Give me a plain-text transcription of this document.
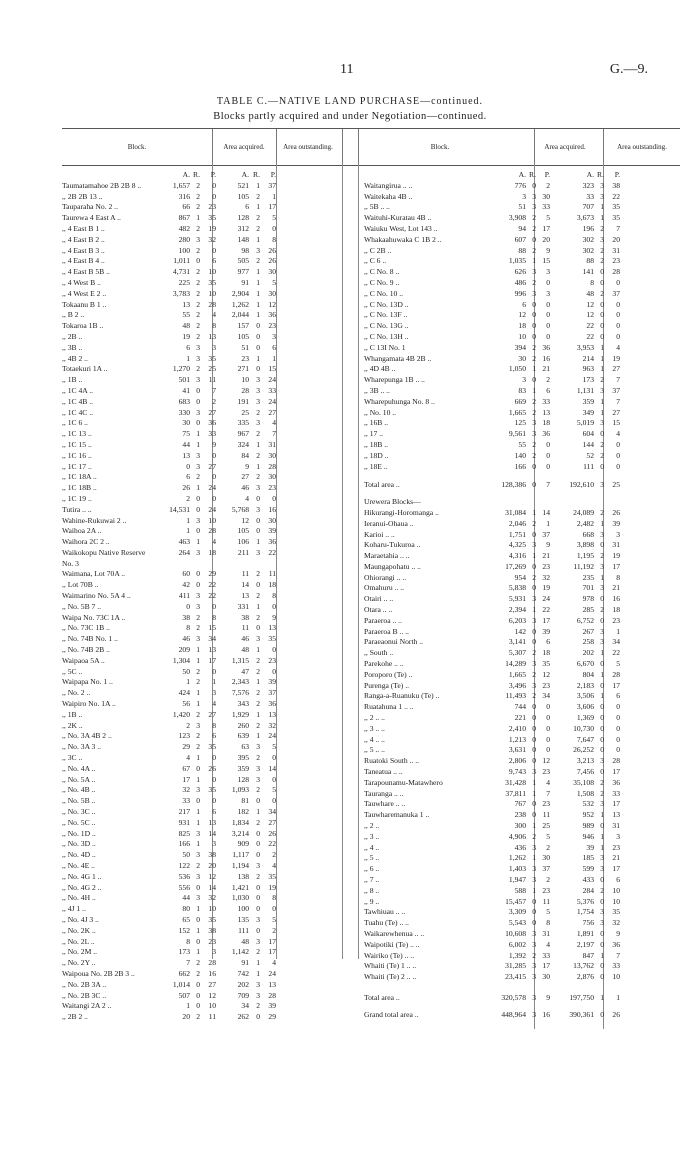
11	G.—9.
TABLE C.—NATIVE LAND PURCHASE—continued.
Blocks partly acquired and under Negotiation—continued.
Block.	Area acquired.	Area outstanding.	Block.	Area acquired.	Area outstanding.
A. R.	P.	A. R.	P.
Taumatamahoe 2B 2B 8 ..	1,657 2	0	521 1	37
,, 2B 2B 13 ..	316 2	0	105 2	1
Tauparaha No. 2 ..	66 2	23	6 1	17
Taurewa 4 East A ..	867 1	35	128 2	5
,, 4 East B 1 ..	482 2	19	312 2	0
,, 4 East B 2 ..	280 3	32	148 1	8
,, 4 East B 3 ..	100 2	0	98 3	26
,, 4 East B 4 ..	1,011 0	6	505 2	26
,, 4 East B 5B ..	4,731 2	10	977 1	30
,, 4 West B ..	225 2	35	91 1	5
,, 4 West E 2 ..	3,783 2	10	2,904 1	30
Tokaanu B 1 ..	13 2	28	1,262 1	12
,, B 2 ..	55 2	4	2,044 1	36
Tokaroa 1B ..	48 2	8	157 0	23
,, 2B ..	19 2	13	105 0	3
,, 3B ..	6 3	3	51 0	6
,, 4B 2 ..	1 3	35	23 1	1
Totaekuri 1A ..	1,270 2	25	271 0	15
,, 1B ..	501 3	11	10 3	24
,, 1C 4A ..	41 0	7	28 3	33
,, 1C 4B ..	683 0	2	191 3	24
,, 1C 4C ..	330 3	27	25 2	27
,, 1C 6 ..	30 0	36	335 3	4
,, 1C 13 ..	75 1	33	967 2	7
,, 1C 15 ..	44 1	9	324 1	31
,, 1C 16 ..	13 3	0	84 2	30
,, 1C 17 ..	0 3	27	9 1	28
,, 1C 18A ..	6 2	0	27 2	30
,, 1C 18B ..	26 1	24	46 3	23
,, 1C 19 ..	2 0	0	4 0	0
Tutira .. ..	14,531 0	24	5,768 3	16
Wahine-Rukuwai 2 ..	1 3	10	12 0	30
Waihoa 2A ..	1 0	28	105 0	39
Waihora 2C 2 ..	463 1	4	106 1	36
Waikokopu Native Reserve	264 3	18	211 3	22
No. 3
Waimana, Lot 70A ..	60 0	29	11 2	11
,, Lot 70B ..	42 0	22	14 0	18
Waimarino No. 5A 4 ..	411 3	22	13 2	8
,, No. 5B 7 ..	0 3	0	331 1	0
Waipa No. 73C 1A ..	38 2	8	38 2	9
,, No. 73C 1B ..	8 2	15	11 0	13
,, No. 74B No. 1 ..	46 3	34	46 3	35
,, No. 74B 2B ..	209 1	13	48 1	0
Waipaoa 5A ..	1,304 1	17	1,315 2	23
,, 5C ..	50 2	0	47 2	0
Waipapa No. 1 ..	1 2	1	2,343 1	39
,, No. 2 ..	424 1	3	7,576 2	37
Waipiro No. 1A ..	56 1	4	343 2	36
,, 1B ..	1,420 2	27	1,929 1	13
,, 2K ..	2 3	8	260 2	32
,, No. 3A 4B 2 ..	123 2	6	639 1	24
,, No. 3A 3 ..	29 2	35	63 3	5
,, 3C ..	4 1	0	395 2	0
,, No. 4A ..	67 0	26	359 3	14
,, No. 5A ..	17 1	0	128 3	0
,, No. 4B ..	32 3	35	1,093 2	5
,, No. 5B ..	33 0	0	81 0	0
,, No. 3C ..	217 1	6	182 1	34
,, No. 5C ..	931 1	13	1,834 2	27
,, No. 1D ..	825 3	14	3,214 0	26
,, No. 3D ..	166 1	3	909 0	22
,, No. 4D ..	50 3	38	1,117 0	2
,, No. 4E ..	122 2	20	1,194 3	4
,, No. 4G 1 ..	536 3	12	138 2	35
,, No. 4G 2 ..	556 0	14	1,421 0	19
,, No. 4H ..	44 3	32	1,030 0	8
,, 4J 1 ..	80 1	10	100 0	0
,, No. 4J 3 ..	65 0	35	135 3	5
,, No. 2K ..	152 1	38	111 0	2
,, No. 2L ..	8 0	23	48 3	17
,, No. 2M ..	173 1	3	1,142 2	17
,, No. 2Y ..	7 2	28	91 1	4
Waipoua No. 2B 2B 3 ..	662 2	16	742 1	24
,, No. 2B 3A ..	1,014 0	27	202 3	13
,, No. 2B 3C ..	507 0	12	709 3	28
Waitangi 2A 2 ..	1 0	10	34 2	39
,, 2B 2 ..	20 2	11	262 0	29
A. R.	P.	A. R.	P.
Waitangirua .. ..	776 0	2	323 3	38
Waitekaha 4B ..	3 3 30	33 3	22
,, 5B .. ..	51 3 33	707 1	35
Waituhi-Kuratau 4B ..	3,908 2	5	3,673 1	35
Waiuku West, Lot 143 ..	94 2 17	196 2	7
Whakaahuwaka C 1B 2 ..	607 0 20	302 3	20
,, C 2B ..	88 2	9	302 2	31
,, C 6 ..	1,035 1 15	88 2	23
,, C No. 8 ..	626 3	3	141 0	28
,, C No. 9 ..	486 2	0	8 0	0
,, C No. 10 ..	996 3	3	48 2	37
,, C No. 13D ..	6 0	0	12 0	0
,, C No. 13F ..	12 0	0	12 0	0
,, C No. 13G ..	18 0	0	22 0	0
,, C No. 13H ..	10 0	0	22 0	0
,, C 13I No. 1	394 2 36	3,953 1	4
Whangamata 4B 2B ..	30 2 16	214 1	19
,, 4D 4B ..	1,050 1 21	963 1	27
Wharepunga 1B .. ..	3 0	2	173 2	7
,, 3B .. ..	83 1	6	1,131 3	37
Wharepuhunga No. 8 ..	669 2 33	359 1	7
,, No. 10 ..	1,665 2 13	349 1	27
,, 16B ..	125 3 18	5,019 3	15
,, 17 ..	9,561 3 36	604 0	4
,, 18B ..	55 2	0	144 2	0
,, 18D ..	140 2	0	52 2	0
,, 18E ..	166 0	0	111 0	0
Total area ..	128,386 0	7	192,610 3	25
Urewera Blocks—
Hikurangi-Horomanga ..	31,084 1 14	24,089 2	26
Ieranui-Ohaua ..	2,046 2	1	2,482 1	39
Karioi .. ..	1,751 0 37	668 3	3
Koharu-Tukuroa ..	4,325 3	9	3,898 0	31
Maraetahia .. ..	4,316 1 21	1,195 2	19
Maungapohatu .. ..	17,269 0 23	11,192 3	17
Ohiorangi .. ..	954 2 32	235 1	8
Omahuru .. ..	5,838 0 19	701 3	21
Otairi .. ..	5,931 3 24	978 0	16
Otara .. ..	2,394 1 22	285 2	18
Paraeroa .. ..	6,203 3 17	6,752 0	23
Paraeroa B .. ..	142 0 39	267 3	1
Paraeaonui North ..	3,141 0	6	258 3	34
,, South ..	5,307 2 18	202 1	22
Parekohe .. ..	14,289 3 35	6,670 0	5
Poroporo (Te) ..	1,665 2 12	804 1	28
Purenga (Te) ..	3,496 3 23	2,183 0	17
Ranga-a-Ruanuku (Te) ..	11,493 2 34	3,506 1	6
Ruatahuna 1 .. ..	744 0	0	3,606 0	0
,, 2 .. ..	221 0	0	1,369 0	0
,, 3 .. ..	2,410 0	0	10,730 0	0
,, 4 .. ..	1,213 0	0	7,647 0	0
,, 5 .. ..	3,631 0	0	26,252 0	0
Ruatoki South .. ..	2,806 0 12	3,213 3	28
Taneatua .. ..	9,743 3 23	7,456 0	17
Tarapounamu-Matawhero	31,428 1	4	35,108 2	36
Tauranga .. ..	37,811 1	7	1,508 2	33
Tauwhare .. ..	767 0 23	532 3	17
Tauwharemanuka 1 ..	238 0 11	952 1	13
,, 2 ..	300 1 25	989 0	31
,, 3 ..	4,906 2	5	946 1	3
,, 4 ..	436 3	2	39 1	23
,, 5 ..	1,262 1 30	185 3	21
,, 6 ..	1,403 3 37	599 3	17
,, 7 ..	1,947 3	2	433 0	6
,, 8 ..	588 1 23	284 2	10
,, 9 ..	15,457 0 11	5,376 0	10
Tawhiuau .. ..	3,309 0	5	1,754 3	35
Tuahu (Te) .. ..	5,543 0	8	756 3	32
Waikarewhenua .. ..	10,608 3 31	1,891 0	9
Waipotiki (Te) .. ..	6,002 3	4	2,197 0	36
Wairiko (Te) .. ..	1,392 2 33	847 1	7
Whaiti (Te) 1 .. ..	31,285 3 17	13,762 0	33
Whaiti (Te) 2 .. ..	23,415 3 30	2,876 0	10
Total area ..	320,578 3	9	197,750 1	1
Grand total area ..	448,964 3 16	390,361 0	26
